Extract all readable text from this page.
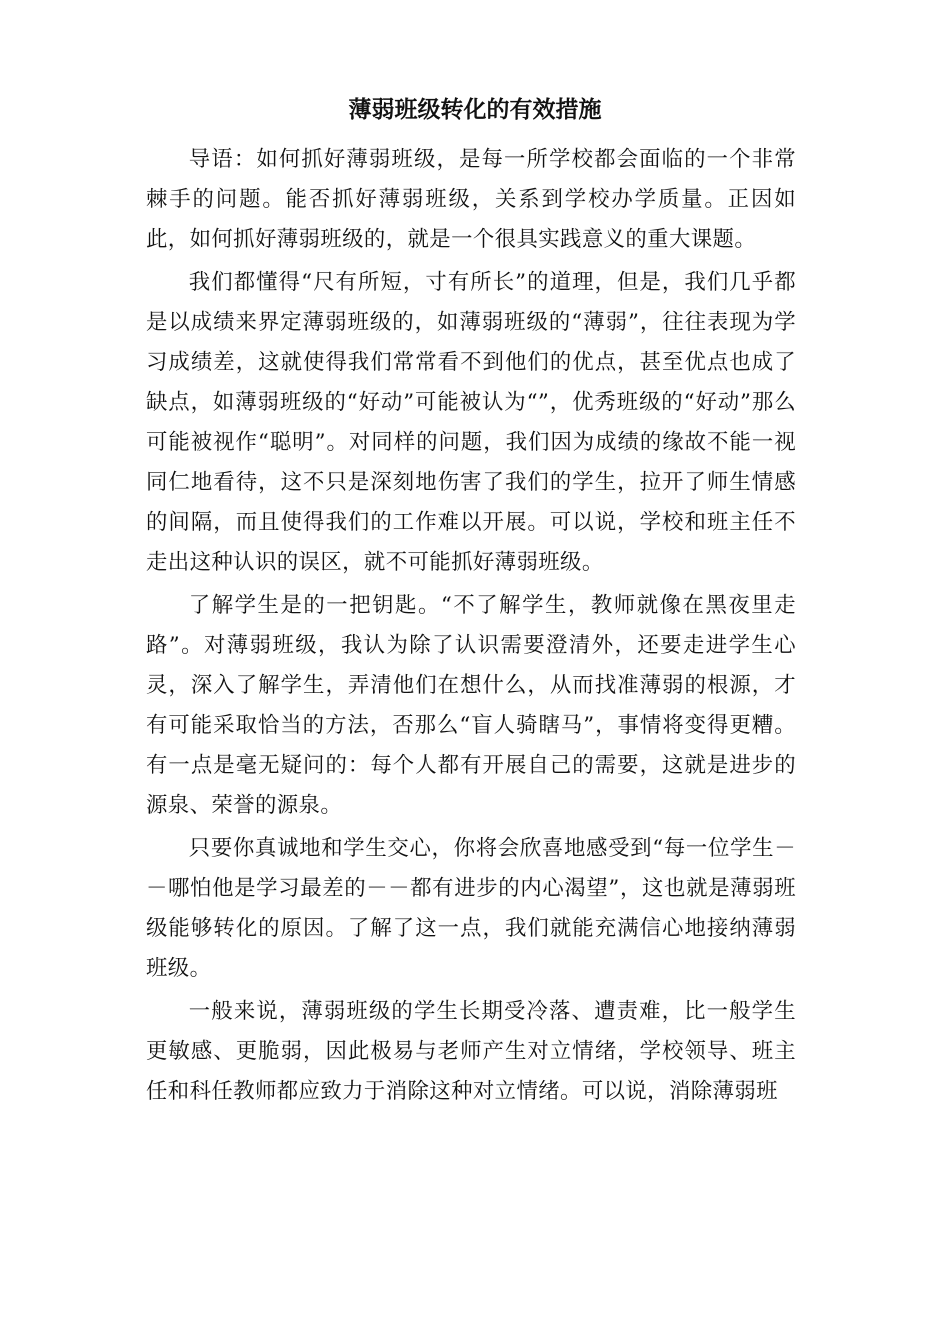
薄弱班级转化的有效措施

导语：如何抓好薄弱班级，是每一所学校都会面临的一个非常棘手的问题。能否抓好薄弱班级，关系到学校办学质量。正因如此，如何抓好薄弱班级的，就是一个很具实践意义的重大课题。

我们都懂得“尺有所短，寸有所长”的道理，但是，我们几乎都是以成绩来界定薄弱班级的，如薄弱班级的“薄弱”，往往表现为学习成绩差，这就使得我们常常看不到他们的优点，甚至优点也成了缺点，如薄弱班级的“好动”可能被认为“”，优秀班级的“好动”那么可能被视作“聪明”。对同样的问题，我们因为成绩的缘故不能一视同仁地看待，这不只是深刻地伤害了我们的学生，拉开了师生情感的间隔，而且使得我们的工作难以开展。可以说，学校和班主任不走出这种认识的误区，就不可能抓好薄弱班级。

了解学生是的一把钥匙。“不了解学生，教师就像在黑夜里走路”。对薄弱班级，我认为除了认识需要澄清外，还要走进学生心灵，深入了解学生，弄清他们在想什么，从而找准薄弱的根源，才有可能采取恰当的方法，否那么“盲人骑瞎马”，事情将变得更糟。有一点是毫无疑问的：每个人都有开展自己的需要，这就是进步的源泉、荣誉的源泉。

只要你真诚地和学生交心，你将会欣喜地感受到“每一位学生－－哪怕他是学习最差的－－都有进步的内心渴望”，这也就是薄弱班级能够转化的原因。了解了这一点，我们就能充满信心地接纳薄弱班级。

一般来说，薄弱班级的学生长期受冷落、遭责难，比一般学生更敏感、更脆弱，因此极易与老师产生对立情绪，学校领导、班主任和科任教师都应致力于消除这种对立情绪。可以说，消除薄弱班
